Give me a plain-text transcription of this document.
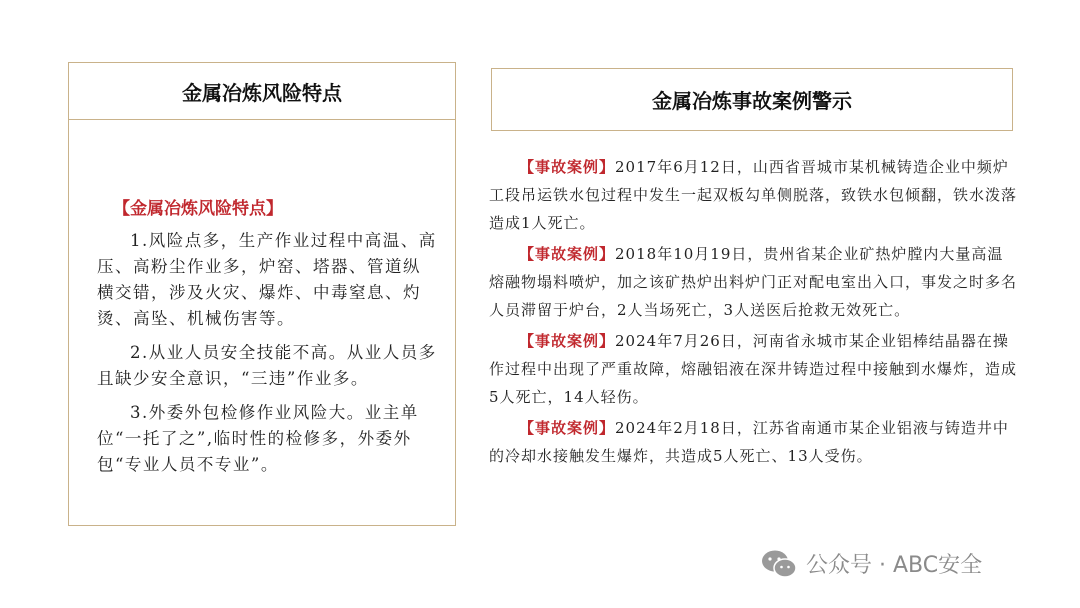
金属冶炼风险特点
【金属冶炼风险特点】

1.风险点多，生产作业过程中高温、高压、高粉尘作业多，炉窑、塔器、管道纵横交错，涉及火灾、爆炸、中毒窒息、灼烫、高坠、机械伤害等。

2.从业人员安全技能不高。从业人员多且缺少安全意识，“三违”作业多。

3.外委外包检修作业风险大。业主单位“一托了之”,临时性的检修多，外委外包“专业人员不专业”。

金属冶炼事故案例警示

【事故案例】2017年6月12日，山西省晋城市某机械铸造企业中频炉工段吊运铁水包过程中发生一起双板勾单侧脱落，致铁水包倾翻，铁水泼落造成1人死亡。

【事故案例】2018年10月19日，贵州省某企业矿热炉膛内大量高温熔融物塌料喷炉，加之该矿热炉出料炉门正对配电室出入口，事发之时多名人员滞留于炉台，2人当场死亡，3人送医后抢救无效死亡。

【事故案例】2024年7月26日，河南省永城市某企业铝棒结晶器在操作过程中出现了严重故障，熔融铝液在深井铸造过程中接触到水爆炸，造成5人死亡，14人轻伤。

【事故案例】2024年2月18日，江苏省南通市某企业铝液与铸造井中的冷却水接触发生爆炸，共造成5人死亡、13人受伤。

公众号 · ABC安全
